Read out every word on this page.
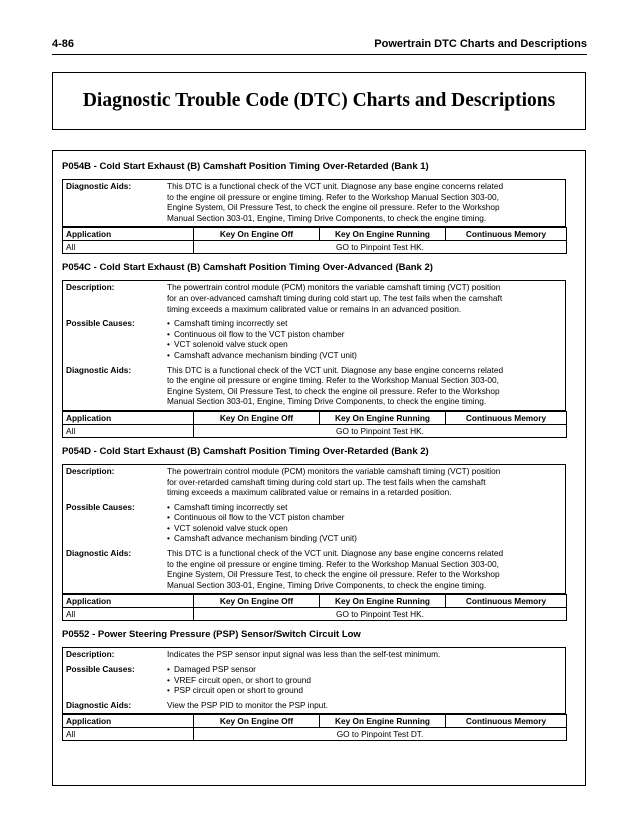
4-86	Powertrain DTC Charts and Descriptions
Diagnostic Trouble Code (DTC) Charts and Descriptions
P054B - Cold Start Exhaust (B) Camshaft Position Timing Over-Retarded (Bank 1)
Diagnostic Aids:	This DTC is a functional check of the VCT unit. Diagnose any base engine concerns related
to the engine oil pressure or engine timing. Refer to the Workshop Manual Section 303-00,
Engine System, Oil Pressure Test, to check the engine oil pressure. Refer to the Workshop
Manual Section 303-01, Engine, Timing Drive Components, to check the engine timing.
Application	Key On Engine Off	Key On Engine Running	Continuous Memory
All	GO to Pinpoint Test HK.		
P054C - Cold Start Exhaust (B) Camshaft Position Timing Over-Advanced (Bank 2)
Description:	The powertrain control module (PCM) monitors the variable camshaft timing (VCT) position
for an over-advanced camshaft timing during cold start up. The test fails when the camshaft
timing exceeds a maximum calibrated value or remains in an advanced position.
Possible Causes:	• Camshaft timing incorrectly set
• Continuous oil flow to the VCT piston chamber
• VCT solenoid valve stuck open
• Camshaft advance mechanism binding (VCT unit)
Diagnostic Aids:	This DTC is a functional check of the VCT unit. Diagnose any base engine concerns related
to the engine oil pressure or engine timing. Refer to the Workshop Manual Section 303-00,
Engine System, Oil Pressure Test, to check the engine oil pressure. Refer to the Workshop
Manual Section 303-01, Engine, Timing Drive Components, to check the engine timing.
Application	Key On Engine Off	Key On Engine Running	Continuous Memory
All	GO to Pinpoint Test HK.		
P054D - Cold Start Exhaust (B) Camshaft Position Timing Over-Retarded (Bank 2)
Description:	The powertrain control module (PCM) monitors the variable camshaft timing (VCT) position
for over-retarded camshaft timing during cold start up. The test fails when the camshaft
timing exceeds a maximum calibrated value or remains in a retarded position.
Possible Causes:	• Camshaft timing incorrectly set
• Continuous oil flow to the VCT piston chamber
• VCT solenoid valve stuck open
• Camshaft advance mechanism binding (VCT unit)
Diagnostic Aids:	This DTC is a functional check of the VCT unit. Diagnose any base engine concerns related
to the engine oil pressure or engine timing. Refer to the Workshop Manual Section 303-00,
Engine System, Oil Pressure Test, to check the engine oil pressure. Refer to the Workshop
Manual Section 303-01, Engine, Timing Drive Components, to check the engine timing.
Application	Key On Engine Off	Key On Engine Running	Continuous Memory
All	GO to Pinpoint Test HK.		
P0552 - Power Steering Pressure (PSP) Sensor/Switch Circuit Low
Description:	Indicates the PSP sensor input signal was less than the self-test minimum.
Possible Causes:	• Damaged PSP sensor
• VREF circuit open, or short to ground
• PSP circuit open or short to ground
Diagnostic Aids:	View the PSP PID to monitor the PSP input.
Application	Key On Engine Off	Key On Engine Running	Continuous Memory
All	GO to Pinpoint Test DT.		
